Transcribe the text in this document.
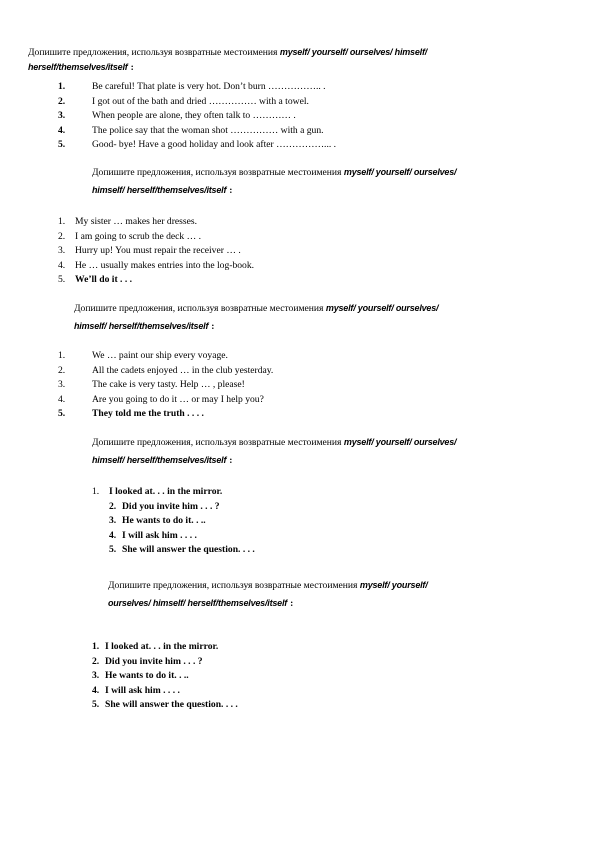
Допишите предложения, используя возвратные местоимения myself/ yourself/ ourselves/ himself/
herself/themselves/itself :
1.	Be careful! That plate is very hot. Don’t burn …………….. .
2.	I got out of the bath and dried …………… with a towel.
3.	When people are alone, they often talk to ………… .
4.	The police say that the woman shot …………… with a gun.
5.	Good- bye! Have a good holiday and look after ……………... .
Допишите предложения, используя возвратные местоимения myself/ yourself/ ourselves/
himself/ herself/themselves/itself :
1.	My sister … makes her dresses.
2.	I am going to scrub the deck … .
3.	Hurry up! You must repair the receiver … .
4.	He … usually makes entries into the log-book.
5.	We’ll do it . . .
Допишите предложения, используя возвратные местоимения myself/ yourself/ ourselves/
himself/ herself/themselves/itself :
1.	We … paint our ship every voyage.
2.	All the cadets enjoyed … in the club yesterday.
3.	The cake is very tasty. Help … , please!
4.	Are you going to do it … or may I help you?
5.	They told me the truth . . . .
Допишите предложения, используя возвратные местоимения myself/ yourself/ ourselves/
himself/ herself/themselves/itself :
1.	I looked at. . . in the mirror.
2. Did you invite him . . . ?
3. He wants to do it. . ..
4. I will ask him . . . .
5. She will answer the question. . . .
Допишите предложения, используя возвратные местоимения myself/ yourself/
ourselves/ himself/ herself/themselves/itself :
1. I looked at. . . in the mirror.
2. Did you invite him . . . ?
3. He wants to do it. . ..
4. I will ask him . . . .
5. She will answer the question. . . .
